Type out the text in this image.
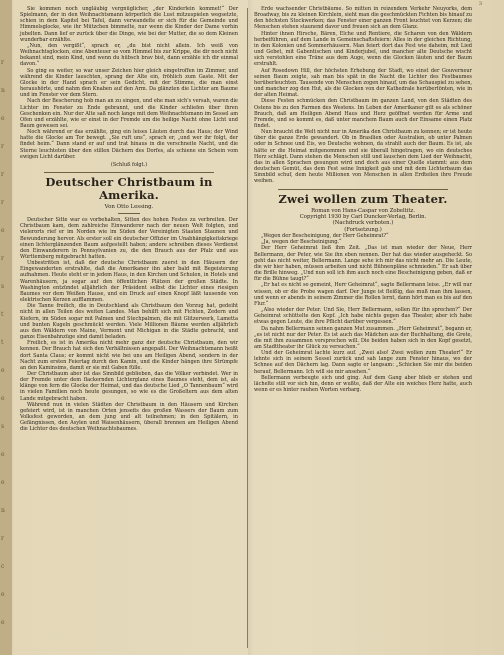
r
n
e
r
r
r
e
r
s
t
t
e
e
s
e
e
n
r
c
e
e
3

Sie kommen noch ungläubig vergnüglicher, „der Kinderlein kommet!“ Der Spielmann, der in den Weihnachtsmann körperlich die Lust mitzuspielen wegsetzte, schien in dem Kapitel bei Tafel, dann verwandelte er sich für die Gemeinde und Himmelsglocke, wie ihr Mützchen bimmelte, nur wenn die Kinder der Dame vorhin jubelten. Dann lief er zurück über die Dinge, wie bei der Mutter, die so dem Kleinen wunderbar erzählte.

„Nun, den vergißt“, sprach er, „du bist nicht allein. Ich weiß von Weihnachtsglocken, eine Abenteuer so vom Himmel bis zur Krippe, die dir noch nicht bekannt sind, mein Kind, und wenn du hübsch brav bist, dann erzähle ich dir einmal davon.“

So ging es weiter, so war unser Zeichen hier gleich eingetroffen im Zimmer, und während die Kinder lauschten, sprang der Alte ein, fröhlich zum Gaste. Mit der Glocke in der Hand sprach er sein Gedicht, mit der Stimme, die man einst heraushörte, und nahm den Knaben auf den Arm. Da glänzten die Lichter am Baume und im Fenster vor dem Stern.

Nach der Bescherung hob man an zu singen, und ehe man sich's versah, waren die Lichter im Fenster zu Ende gebrannt, und die Kinder schliefen über ihren Geschenken ein. Nur der Alte saß noch lange mit dem Weihnachtsmann im Sessel am Ofen und erzählte, wie er einst in der Fremde um die heilige Nacht ohne Licht und Baum gewesen sei.

Noch während er das erzählte, ging ein leises Läuten durch das Haus; der Wind hatte die Glocke am Tor bewegt. „Sie ruft uns“, sprach er, „und wer ihr folgt, der findet heim.“ Dann stand er auf und trat hinaus in die verschneite Nacht, und die Sterne leuchteten über den stillen Dächern des Dorfes, als schiene ein Schein vom ewigen Licht darüber.

(Schluß folgt.)

Deutscher Christbaum in Amerika.
Von Otto Lessing.

Deutscher Sitte war es vorbehalten, Sitten des hohen Festes zu verbreiten. Der Christbaum kam, dem zahlreiche Einwanderer nach der neuen Welt folgten, und vielerorts rief er im Norden wie im Süden der Vereinigten Staaten Staunen und Bewunderung hervor. Als erster soll ein deutscher Offizier im Unabhängigkeitskriege einen lichterglänzenden Baum aufgestellt haben; andere schreiben dieses Verdienst den Einwanderern in Pennsylvanien zu, die den Brauch aus der Pfalz und aus Württemberg mitgebracht hatten.

Unbestritten ist, daß der deutsche Christbaum zuerst in den Häusern der Eingewanderten erstrahlte, daß die Amerikaner ihn aber bald mit Begeisterung aufnahmen. Heute steht er in jedem Haus, in den Kirchen und Schulen, in Hotels und Warenhäusern, ja sogar auf den öffentlichen Plätzen der großen Städte. In Washington entzündet alljährlich der Präsident selbst die Lichter eines riesigen Baumes vor dem Weißen Hause, und ein Druck auf einen Knopf läßt tausende von elektrischen Kerzen aufflammen.

Die Tanne freilich, die in Deutschland als Christbaum den Vorzug hat, gedeiht nicht in allen Teilen des weiten Landes. Man behilft sich mit Fichten, Zedern und Kiefern, im Süden sogar mit Palmen und Stechpalmen, die mit Glitzerwerk, Lametta und bunten Kugeln geschmückt werden. Viele Millionen Bäume werden alljährlich aus den Wäldern von Maine, Vermont und Michigan in die Städte gebracht, und ganze Eisenbahnzüge sind damit beladen.

Freilich, es ist in Amerika nicht mehr ganz der deutsche Christbaum, den wir kennen. Der Brauch hat sich den Verhältnissen angepaßt. Der Weihnachtsmann heißt dort Santa Claus; er kommt nicht wie bei uns am Heiligen Abend, sondern in der Nacht zum ersten Feiertag durch den Kamin, und die Kinder hängen ihre Strümpfe an den Kaminsims, damit er sie mit Gaben fülle.

Der Christbaum aber ist das Sinnbild geblieben, das die Völker verbindet. Wer in der Fremde unter dem flackernden Lichterglanz eines Baumes steht, dem ist, als klänge von fern die Glocke der Heimat, und das deutsche Lied „O Tannenbaum“ wird in vielen Familien noch heute gesungen, so wie es die Großeltern aus dem alten Lande mitgebracht haben.

Während nun in vielen Städten der Christbaum in den Häusern und Kirchen gefeiert wird, ist in manchen Orten jenseits des großen Wassers der Baum zum Volksfest geworden, an dem jung und alt teilnehmen; in den Spitälern, in Gefängnissen, den Asylen und Waisenhäusern, überall brennen am Heiligen Abend die Lichter des deutschen Weihnachtsbaumes.

Erde wachsender Christbäume. So mitten in reizendem Verkehr Neuyorks, dem Broadway, bis zu kleinen Kirchlein, sieht man die geschmückten Fichten bis hinauf zu den höchsten Stockwerken; das Fenster einer ganzen Front leuchtet von Kerzen; die Menschen stehen staunend davor und freuen sich an dem Glanz.

Hinter ihnen Hirsche, Bären, Elche und Rentiere, die Scharen von den Wäldern herbeiführen, auf dem Lande in Gemeinschaftsfeiern: Alles in der gleichen Richtung, in den Kolonien und Sommerhäusern. Man feiert dort das Fest wie daheim, mit Lied und Gebet, mit Gabentischen und Kinderjubel, und mancher alte Deutsche wischt sich verstohlen eine Träne aus dem Auge, wenn die Glocken läuten und der Baum erstrahlt.

Auf Rosedown Hill, der höchsten Erhebung der Stadt, wo einst der Gouverneur seinen Baum zeigte, sah man bis spät in die Nacht die Lichter des Festbaumes herüberleuchten. Tausende von Menschen zogen hinauf, um das Schauspiel zu sehen, und mancher zog den Hut, als die Glocken von der Kathedrale herübertönten, wie in der alten Heimat.

Diese Festen schmücken den Christbaum im ganzen Land, von den Städten des Ostens bis zu den Farmen des Westens. Im Leben der Amerikaner gilt es als schöner Brauch, daß am Heiligen Abend Haus und Herz geöffnet werden für Arme und Fremde, und so kommt es, daß unter manchem Baum auch der Einsame einen Platz findet.

Nun braucht die Welt nicht nur in Amerika den Christbaum zu kennen; er ist heute über die ganze Erde gewandert. Ob in Brasilien oder Australien, ob unter Palmen oder in Schnee und Eis, wo Deutsche wohnen, da strahlt auch der Baum. Es ist, als hätte er die Heimat mitgenommen und sie überall hingetragen, wo ein deutsches Herz schlägt. Dann stehen die Menschen still und lauschen dem Lied der Weihnacht, das in allen Sprachen gesungen wird und doch aus einer Quelle stammt: aus dem deutschen Gemüt, das dem Fest seine Innigkeit gab und mit dem Lichterbaum das Sinnbild schuf, dem heute Millionen von Menschen in allen Erdteilen ihre Freude weihen.

Zwei wollen zum Theater.

Roman von Hans-Caspar von Zobeltitz.

Copyright 1930 by Carl Duncker-Verlag, Berlin.

(Nachdruck verboten.)

(Fortsetzung.)

„Wegen der Bescheinigung, der Herr Geheimrat?“

„Ja, wegen der Bescheinigung.“

Der Herr Geheimrat ließ ihm Zeit. „Das ist man wieder der Neue, Herr Bellermann, der Peter, wie Sie ihn eben nennen. Der hat das wieder ausgeheckt. So geht das nicht weiter, Bellermann. Lange sehe ich mir das nicht mehr an. Die Leute, die wir hier haben, müssen arbeiten und nicht Bühnenpläne schmieden.“ Er sah über die Brille hinweg. „Und nun soll ich ihm auch noch eine Bescheinigung geben, daß er für die Bühne taugt?“

„Er hat es nicht so gemeint, Herr Geheimrat“, sagte Bellermann leise. „Er will nur wissen, ob er die Probe wagen darf. Der Junge ist fleißig, das muß man ihm lassen, und wenn er abends in seinem Zimmer die Rollen lernt, dann hört man es bis auf den Flur.“

„Also wieder der Peter. Und Sie, Herr Bellermann, sollen für ihn sprechen?“ Der Geheimrat schüttelte den Kopf. „Ich habe nichts gegen das Theater, aber ich habe etwas gegen Leute, die ihre Pflicht darüber vergessen.“

Da nahm Bellermann seinen ganzen Mut zusammen. „Herr Geheimrat“, begann er, „es ist nicht nur der Peter. Es ist auch das Mädchen aus der Buchhaltung, die Grete, die mit ihm zusammen vorsprechen will. Die beiden haben sich in den Kopf gesetzt, am Stadttheater ihr Glück zu versuchen.“

Und der Geheimrat lachte kurz auf. „Zwei also! Zwei wollen zum Theater!“ Er lehnte sich in seinem Sessel zurück und sah lange zum Fenster hinaus, wo der Schnee auf den Dächern lag. Dann sagte er langsam: „Schicken Sie mir die beiden herauf, Bellermann. Ich will sie mir ansehen.“

Bellermann verbeugte sich und ging. Auf dem Gang aber blieb er stehen und lächelte still vor sich hin, denn er wußte, daß der Alte ein weiches Herz hatte, auch wenn er es hinter rauhen Worten verbarg.
